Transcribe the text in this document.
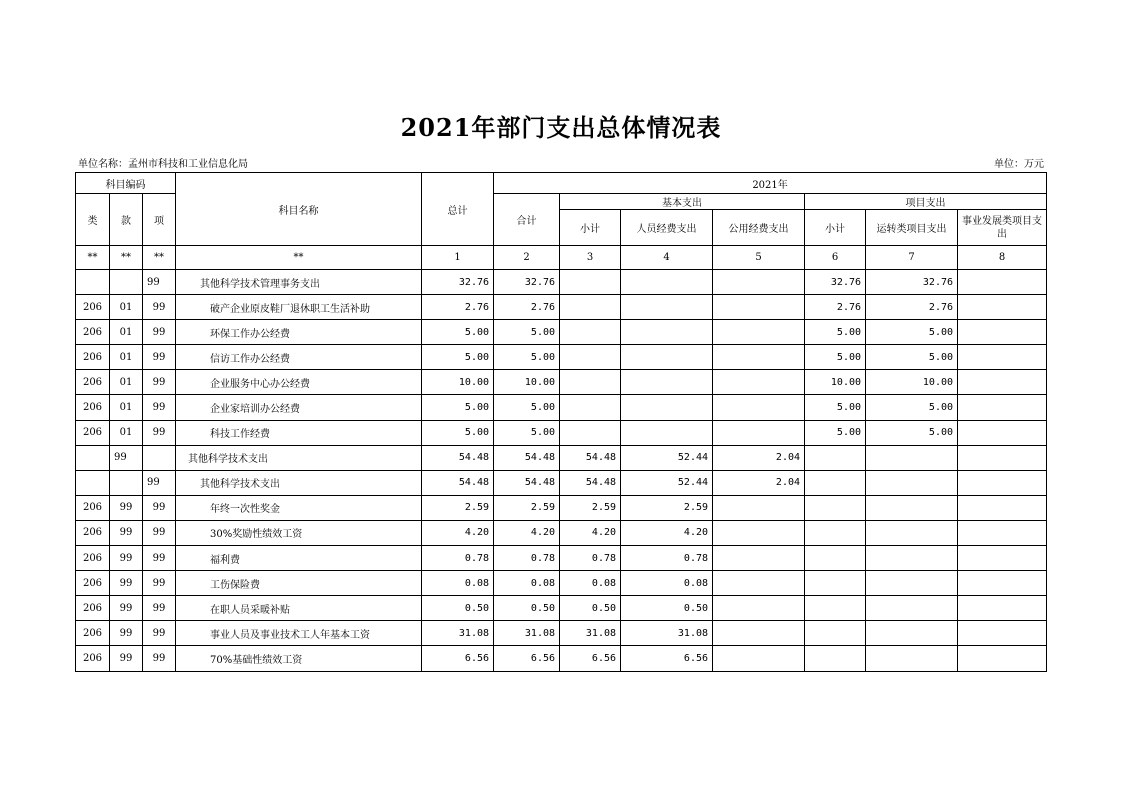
2021年部门支出总体情况表
单位名称：孟州市科技和工业信息化局	单位：万元
科目编码			科目名称	总计	2021年						
类	款	项			合计	基本支出			项目支出		
						小计	人员经费支出	公用经费支出	小计	运转类项目支出	事业发展类项目支出
**	**	**	**	1	2	3	4	5	6	7	8
		99	其他科学技术管理事务支出	32.76	32.76				32.76	32.76	
206	01	99	破产企业原皮鞋厂退休职工生活补助	2.76	2.76				2.76	2.76	
206	01	99	环保工作办公经费	5.00	5.00				5.00	5.00	
206	01	99	信访工作办公经费	5.00	5.00				5.00	5.00	
206	01	99	企业服务中心办公经费	10.00	10.00				10.00	10.00	
206	01	99	企业家培训办公经费	5.00	5.00				5.00	5.00	
206	01	99	科技工作经费	5.00	5.00				5.00	5.00	
	99		其他科学技术支出	54.48	54.48	54.48	52.44	2.04			
		99	其他科学技术支出	54.48	54.48	54.48	52.44	2.04			
206	99	99	年终一次性奖金	2.59	2.59	2.59	2.59				
206	99	99	30%奖励性绩效工资	4.20	4.20	4.20	4.20				
206	99	99	福利费	0.78	0.78	0.78	0.78				
206	99	99	工伤保险费	0.08	0.08	0.08	0.08				
206	99	99	在职人员采暖补贴	0.50	0.50	0.50	0.50				
206	99	99	事业人员及事业技术工人年基本工资	31.08	31.08	31.08	31.08				
206	99	99	70%基础性绩效工资	6.56	6.56	6.56	6.56				
